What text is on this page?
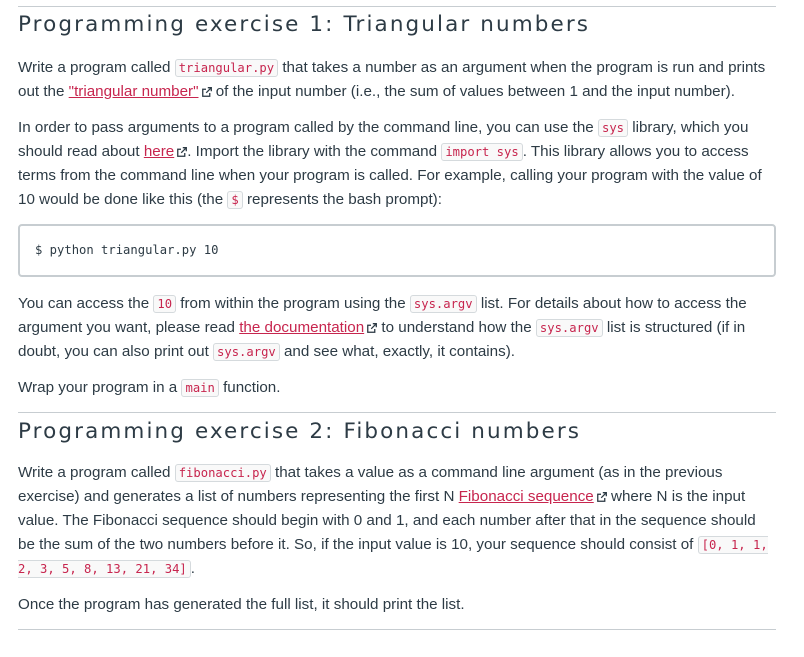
Programming exercise 1: Triangular numbers

Write a program called triangular.py that takes a number as an argument when the program is run and prints out the "triangular number"
of the input number (i.e., the sum of values between 1 and the input number).

In order to pass arguments to a program called by the command line, you can use the sys library, which you should read about here . Import the library with the command import sys . This library allows you to access terms from the command line when your program is called. For example, calling your program with the value of 10 would be done like this (the $ represents the bash prompt):

$ python triangular.py 10

You can access the 10 from within the program using the sys.argv list. For details about how to access the argument you want, please read the documentation
to understand how the sys.argv list is structured (if in doubt, you can also print out sys.argv and see what, exactly, it contains).

Wrap your program in a main function.

Programming exercise 2: Fibonacci numbers

Write a program called fibonacci.py that takes a value as a command line argument (as in the previous exercise) and generates a list of numbers representing the first N Fibonacci sequence
where N is the input value. The Fibonacci sequence should begin with 0 and 1, and each number after that in the sequence should be the sum of the two numbers before it. So, if the input value is 10, your sequence should consist of [0, 1, 1, 2, 3, 5, 8, 13, 21, 34] .

Once the program has generated the full list, it should print the list.
